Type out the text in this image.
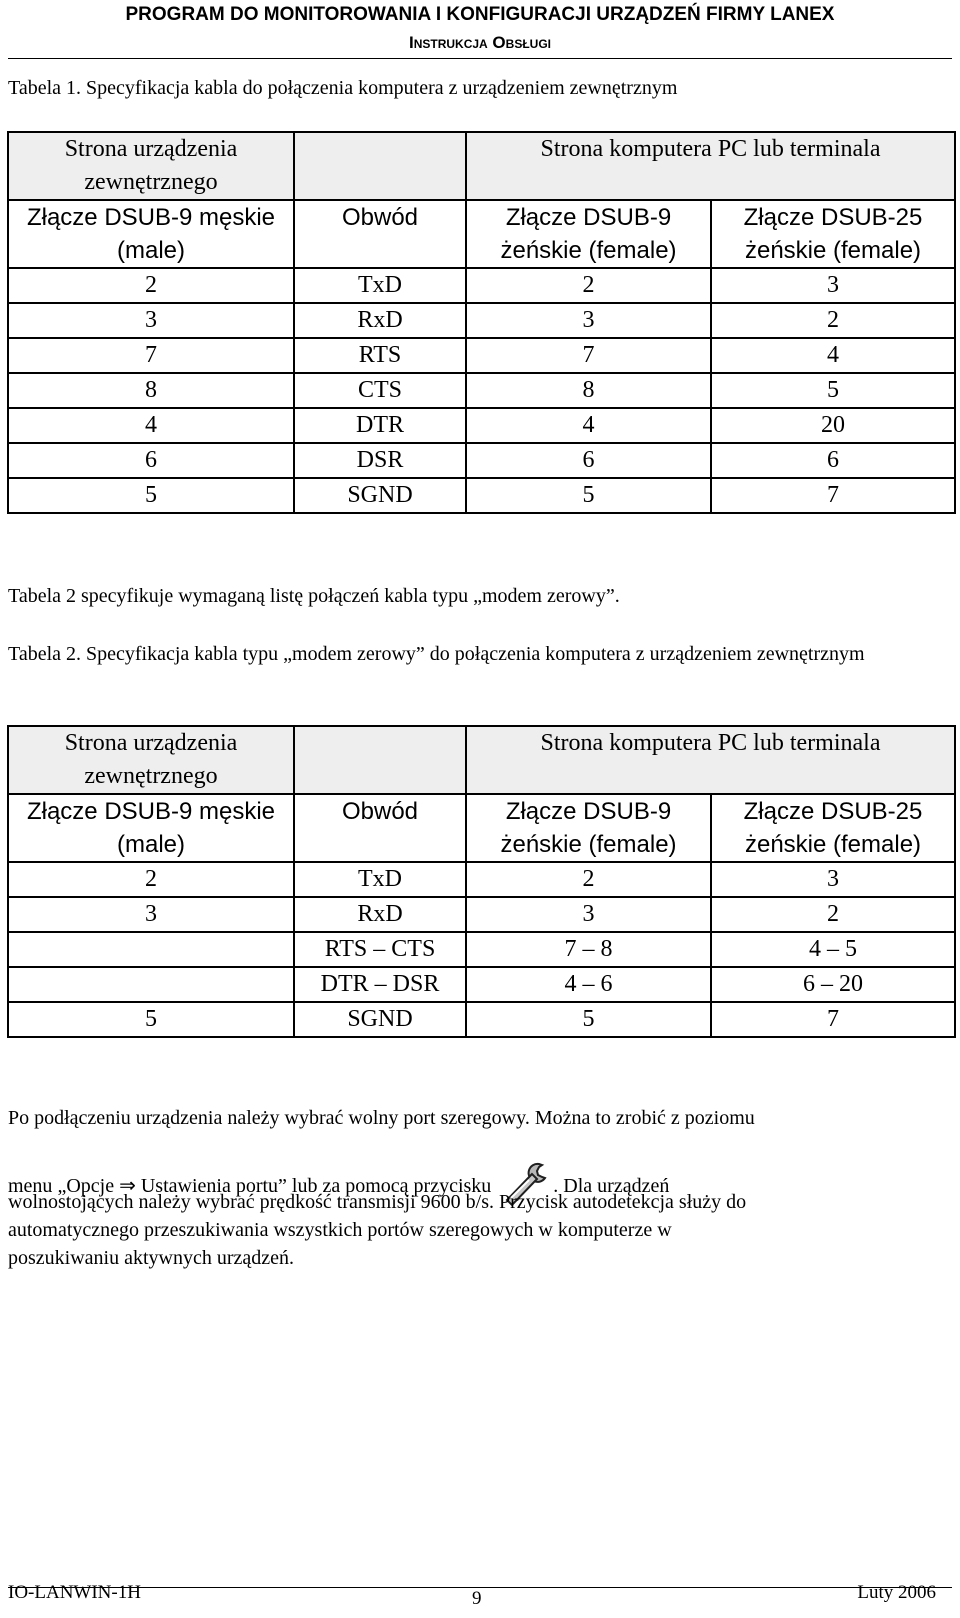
PROGRAM DO MONITOROWANIA I KONFIGURACJI URZĄDZEŃ FIRMY LANEX
Instrukcja Obsługi
Tabela 1. Specyfikacja kabla do połączenia komputera z urządzeniem zewnętrznym
Strona urządzenia zewnętrznego		Strona komputera PC lub terminala	
Złącze DSUB-9 męskie (male)	Obwód	Złącze DSUB-9 żeńskie (female)	Złącze DSUB-25 żeńskie (female)
2	TxD	2	3
3	RxD	3	2
7	RTS	7	4
8	CTS	8	5
4	DTR	4	20
6	DSR	6	6
5	SGND	5	7
Tabela 2 specyfikuje wymaganą listę połączeń kabla typu „modem zerowy”.
Tabela 2. Specyfikacja kabla typu „modem zerowy” do połączenia komputera z urządzeniem zewnętrznym
Strona urządzenia zewnętrznego		Strona komputera PC lub terminala	
Złącze DSUB-9 męskie (male)	Obwód	Złącze DSUB-9 żeńskie (female)	Złącze DSUB-25 żeńskie (female)
2	TxD	2	3
3	RxD	3	2
	RTS – CTS	7 – 8	4 – 5
	DTR – DSR	4 – 6	6 – 20
5	SGND	5	7
Po podłączeniu urządzenia należy wybrać wolny port szeregowy. Można to zrobić z poziomu
menu „Opcje ⇒ Ustawienia portu” lub za pomocą przycisku	. Dla urządzeń
wolnostojących należy wybrać prędkość transmisji 9600 b/s. Przycisk autodetekcja służy do
automatycznego przeszukiwania wszystkich portów szeregowych w komputerze w
poszukiwaniu aktywnych urządzeń.
IO-LANWIN-1H	9	Luty 2006
